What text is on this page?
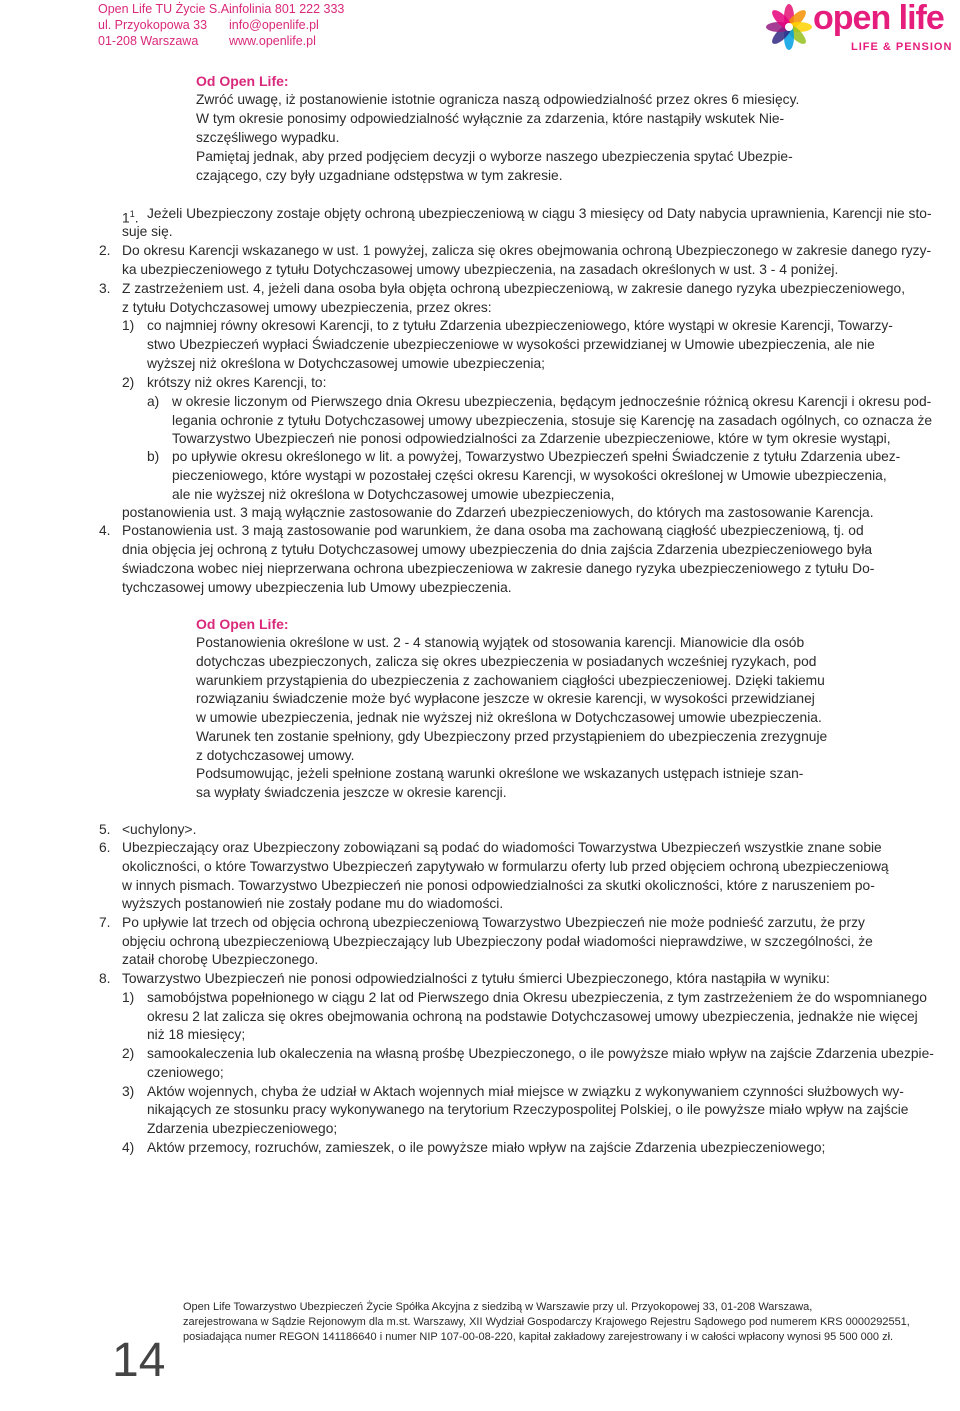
Open Life TU Życie S.A.
ul. Przyokopowa 33
01-208 Warszawa
infolinia 801 222 333
info@openlife.pl
www.openlife.pl
open life
LIFE & PENSION
Od Open Life:
Zwróć uwagę, iż postanowienie istotnie ogranicza naszą odpowiedzialność przez okres 6 miesięcy.
W tym okresie ponosimy odpowiedzialność wyłącznie za zdarzenia, które nastąpiły wskutek Nie-
szczęśliwego wypadku.
Pamiętaj jednak, aby przed podjęciem decyzji o wyborze naszego ubezpieczenia spytać Ubezpie-
czającego, czy były uzgadniane odstępstwa w tym zakresie.
$1^1$. Jeżeli Ubezpieczony zostaje objęty ochroną ubezpieczeniową w ciągu 3 miesięcy od Daty nabycia uprawnienia, Karencji nie sto-
suje się.
2. Do okresu Karencji wskazanego w ust. 1 powyżej, zalicza się okres obejmowania ochroną Ubezpieczonego w zakresie danego ryzy-
ka ubezpieczeniowego z tytułu Dotychczasowej umowy ubezpieczenia, na zasadach określonych w ust. 3 - 4 poniżej.
3. Z zastrzeżeniem ust. 4, jeżeli dana osoba była objęta ochroną ubezpieczeniową, w zakresie danego ryzyka ubezpieczeniowego,
z tytułu Dotychczasowej umowy ubezpieczenia, przez okres:
1) co najmniej równy okresowi Karencji, to z tytułu Zdarzenia ubezpieczeniowego, które wystąpi w okresie Karencji, Towarzy-
stwo Ubezpieczeń wypłaci Świadczenie ubezpieczeniowe w wysokości przewidzianej w Umowie ubezpieczenia, ale nie
wyższej niż określona w Dotychczasowej umowie ubezpieczenia;
2) krótszy niż okres Karencji, to:
a) w okresie liczonym od Pierwszego dnia Okresu ubezpieczenia, będącym jednocześnie różnicą okresu Karencji i okresu pod-
legania ochronie z tytułu Dotychczasowej umowy ubezpieczenia, stosuje się Karencję na zasadach ogólnych, co oznacza że
Towarzystwo Ubezpieczeń nie ponosi odpowiedzialności za Zdarzenie ubezpieczeniowe, które w tym okresie wystąpi,
b) po upływie okresu określonego w lit. a powyżej, Towarzystwo Ubezpieczeń spełni Świadczenie z tytułu Zdarzenia ubez-
pieczeniowego, które wystąpi w pozostałej części okresu Karencji, w wysokości określonej w Umowie ubezpieczenia,
ale nie wyższej niż określona w Dotychczasowej umowie ubezpieczenia,
postanowienia ust. 3 mają wyłącznie zastosowanie do Zdarzeń ubezpieczeniowych, do których ma zastosowanie Karencja.
4. Postanowienia ust. 3 mają zastosowanie pod warunkiem, że dana osoba ma zachowaną ciągłość ubezpieczeniową, tj. od
dnia objęcia jej ochroną z tytułu Dotychczasowej umowy ubezpieczenia do dnia zajścia Zdarzenia ubezpieczeniowego była
świadczona wobec niej nieprzerwana ochrona ubezpieczeniowa w zakresie danego ryzyka ubezpieczeniowego z tytułu Do-
tychczasowej umowy ubezpieczenia lub Umowy ubezpieczenia.
Od Open Life:
Postanowienia określone w ust. 2 - 4 stanowią wyjątek od stosowania karencji. Mianowicie dla osób
dotychczas ubezpieczonych, zalicza się okres ubezpieczenia w posiadanych wcześniej ryzykach, pod
warunkiem przystąpienia do ubezpieczenia z zachowaniem ciągłości ubezpieczeniowej. Dzięki takiemu
rozwiązaniu świadczenie może być wypłacone jeszcze w okresie karencji, w wysokości przewidzianej
w umowie ubezpieczenia, jednak nie wyższej niż określona w Dotychczasowej umowie ubezpieczenia.
Warunek ten zostanie spełniony, gdy Ubezpieczony przed przystąpieniem do ubezpieczenia zrezygnuje
z dotychczasowej umowy.
Podsumowując, jeżeli spełnione zostaną warunki określone we wskazanych ustępach istnieje szan-
sa wypłaty świadczenia jeszcze w okresie karencji.
5. <uchylony>.
6. Ubezpieczający oraz Ubezpieczony zobowiązani są podać do wiadomości Towarzystwa Ubezpieczeń wszystkie znane sobie
okoliczności, o które Towarzystwo Ubezpieczeń zapytywało w formularzu oferty lub przed objęciem ochroną ubezpieczeniową
w innych pismach. Towarzystwo Ubezpieczeń nie ponosi odpowiedzialności za skutki okoliczności, które z naruszeniem po-
wyższych postanowień nie zostały podane mu do wiadomości.
7. Po upływie lat trzech od objęcia ochroną ubezpieczeniową Towarzystwo Ubezpieczeń nie może podnieść zarzutu, że przy
objęciu ochroną ubezpieczeniową Ubezpieczający lub Ubezpieczony podał wiadomości nieprawdziwe, w szczególności, że
zataił chorobę Ubezpieczonego.
8. Towarzystwo Ubezpieczeń nie ponosi odpowiedzialności z tytułu śmierci Ubezpieczonego, która nastąpiła w wyniku:
1) samobójstwa popełnionego w ciągu 2 lat od Pierwszego dnia Okresu ubezpieczenia, z tym zastrzeżeniem że do wspomnianego
okresu 2 lat zalicza się okres obejmowania ochroną na podstawie Dotychczasowej umowy ubezpieczenia, jednakże nie więcej
niż 18 miesięcy;
2) samookaleczenia lub okaleczenia na własną prośbę Ubezpieczonego, o ile powyższe miało wpływ na zajście Zdarzenia ubezpie-
czeniowego;
3) Aktów wojennych, chyba że udział w Aktach wojennych miał miejsce w związku z wykonywaniem czynności służbowych wy-
nikających ze stosunku pracy wykonywanego na terytorium Rzeczypospolitej Polskiej, o ile powyższe miało wpływ na zajście
Zdarzenia ubezpieczeniowego;
4) Aktów przemocy, rozruchów, zamieszek, o ile powyższe miało wpływ na zajście Zdarzenia ubezpieczeniowego;
Open Life Towarzystwo Ubezpieczeń Życie Spółka Akcyjna z siedzibą w Warszawie przy ul. Przyokopowej 33, 01-208 Warszawa,
zarejestrowana w Sądzie Rejonowym dla m.st. Warszawy, XII Wydział Gospodarczy Krajowego Rejestru Sądowego pod numerem KRS 0000292551,
posiadająca numer REGON 141186640 i numer NIP 107-00-08-220, kapitał zakładowy zarejestrowany i w całości wpłacony wynosi 95 500 000 zł.
14
